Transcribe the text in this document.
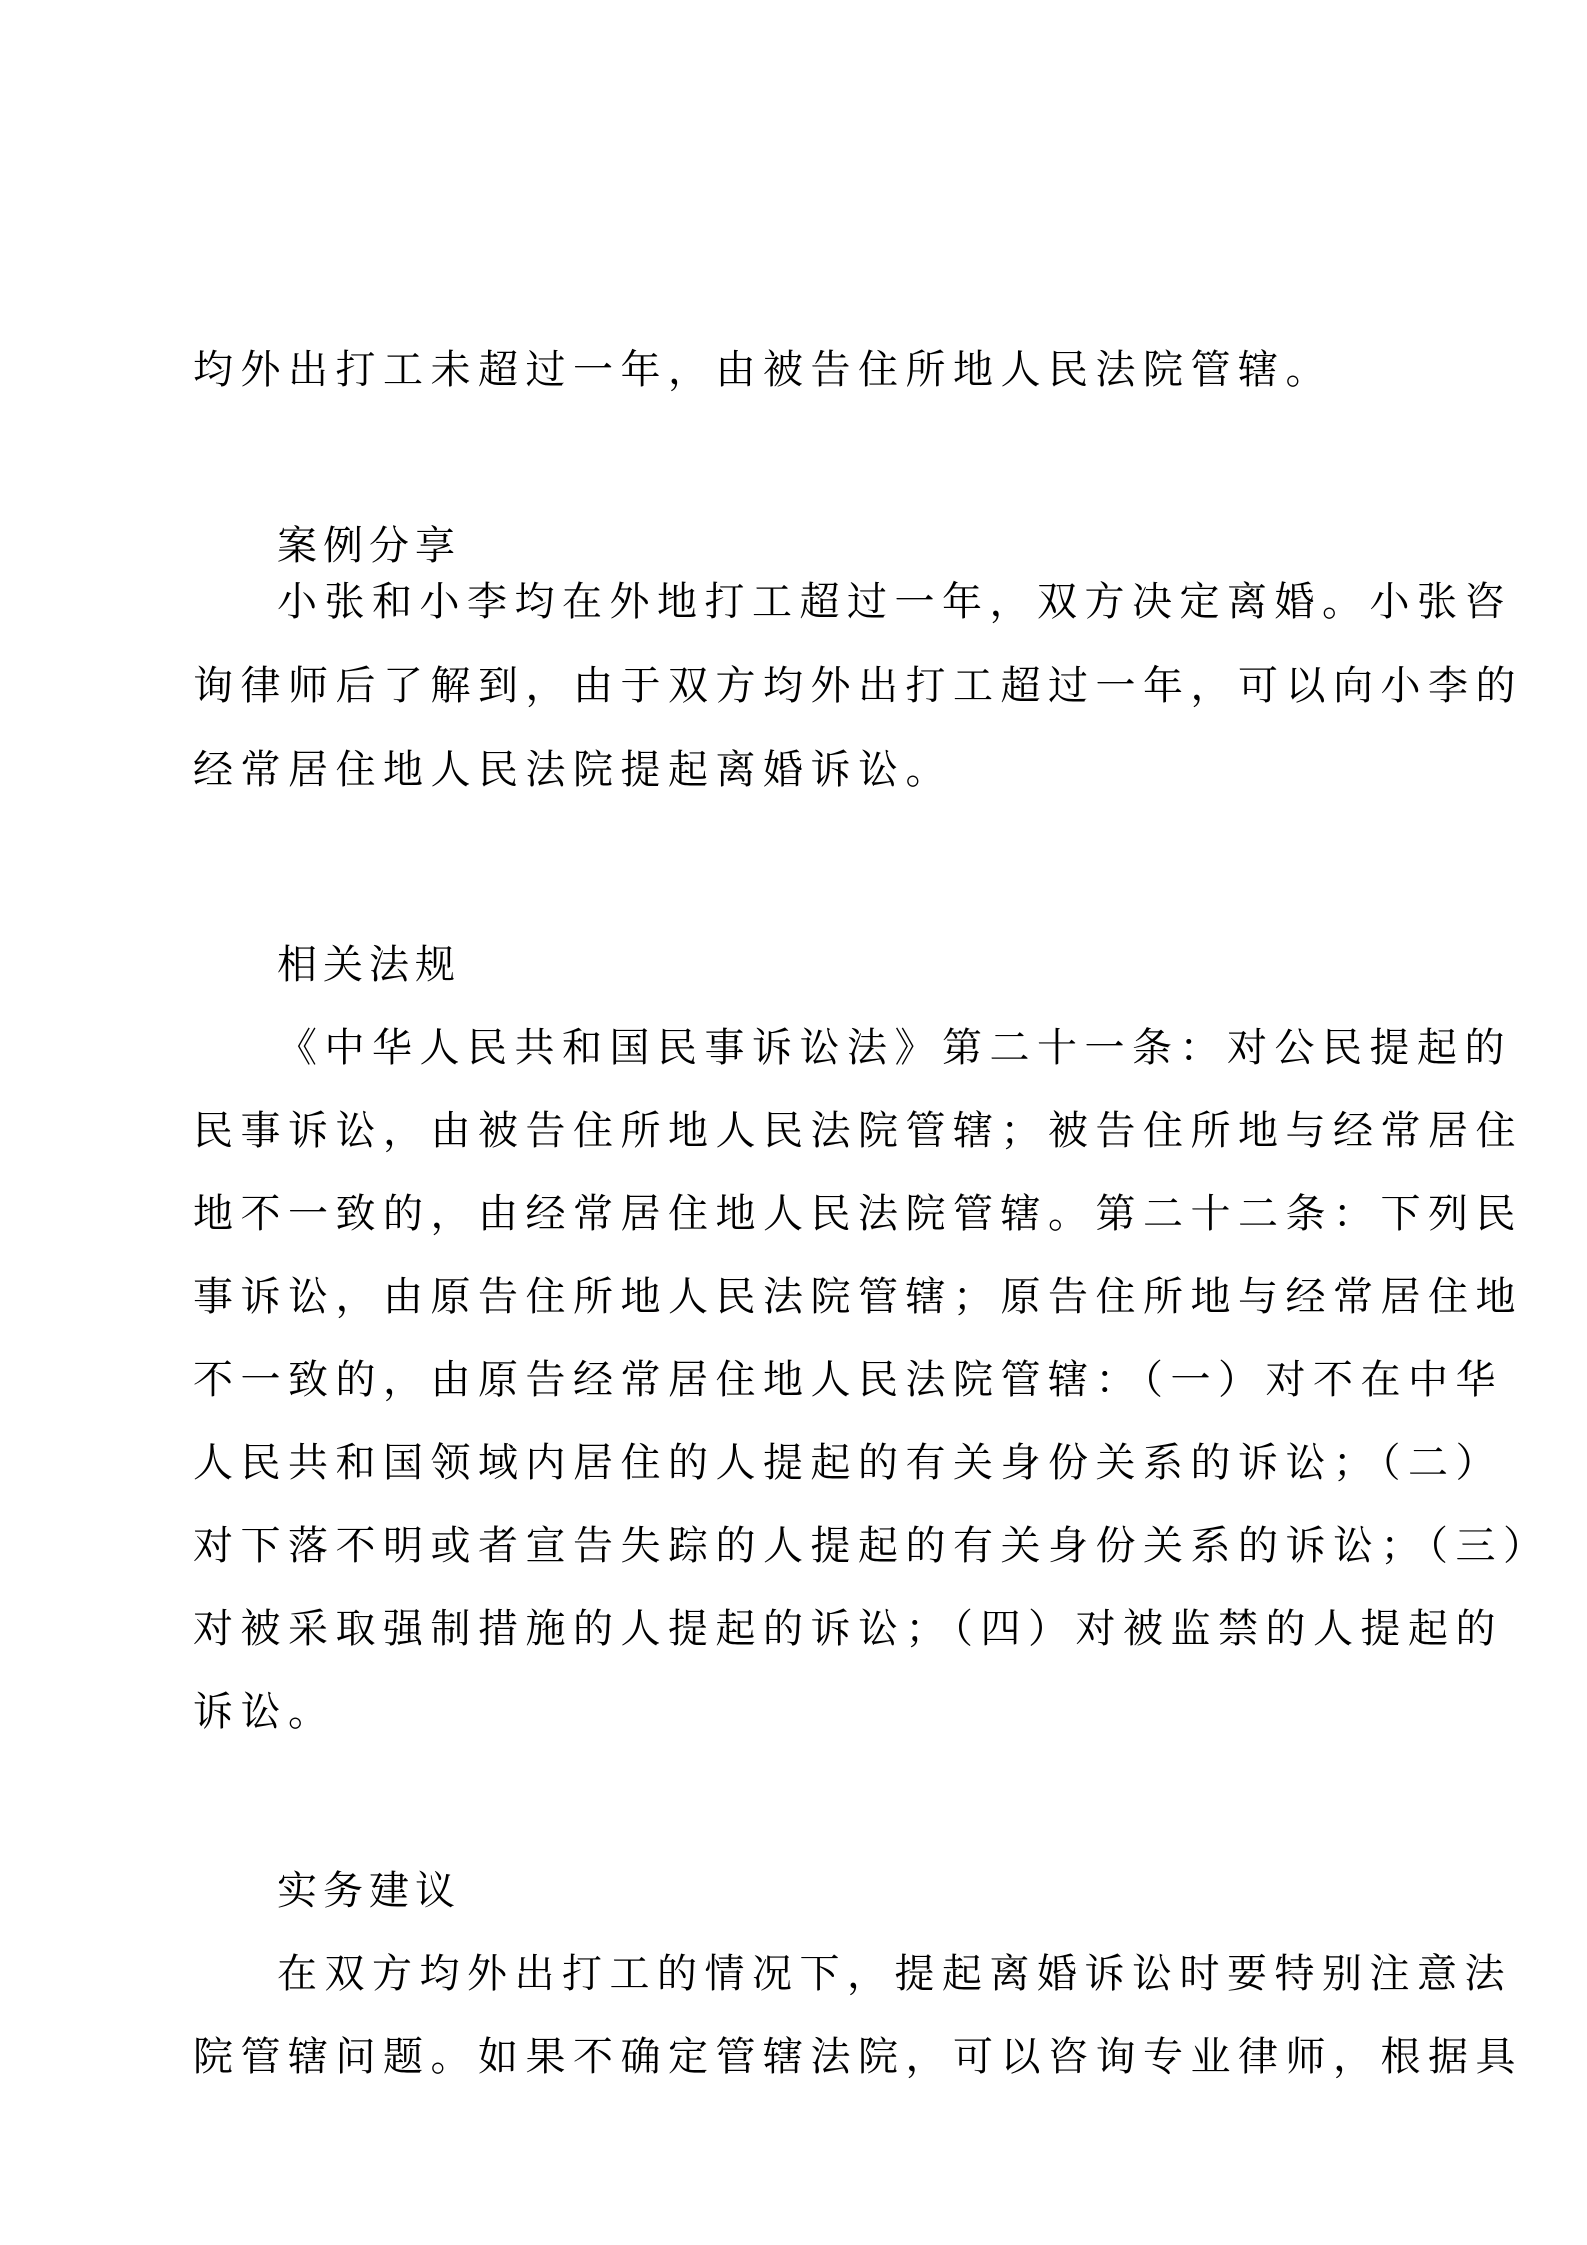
均外出打工未超过一年，由被告住所地人民法院管辖。
案例分享
小张和小李均在外地打工超过一年，双方决定离婚。小张咨
询律师后了解到，由于双方均外出打工超过一年，可以向小李的
经常居住地人民法院提起离婚诉讼。
相关法规
《中华人民共和国民事诉讼法》第二十一条：对公民提起的
民事诉讼，由被告住所地人民法院管辖；被告住所地与经常居住
地不一致的，由经常居住地人民法院管辖。第二十二条：下列民
事诉讼，由原告住所地人民法院管辖；原告住所地与经常居住地
不一致的，由原告经常居住地人民法院管辖：（一）对不在中华
人民共和国领域内居住的人提起的有关身份关系的诉讼；（二）
对下落不明或者宣告失踪的人提起的有关身份关系的诉讼；（三）
对被采取强制措施的人提起的诉讼；（四）对被监禁的人提起的
诉讼。
实务建议
在双方均外出打工的情况下，提起离婚诉讼时要特别注意法
院管辖问题。如果不确定管辖法院，可以咨询专业律师，根据具
